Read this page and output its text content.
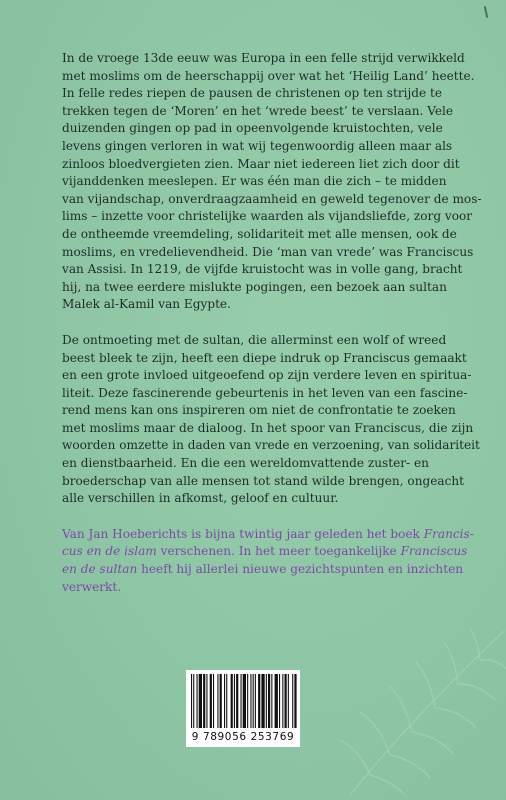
In de vroege 13de eeuw was Europa in een felle strijd verwikkeld
met moslims om de heerschappij over wat het ‘Heilig Land’ heette.
In felle redes riepen de pausen de christenen op ten strijde te
trekken tegen de ‘Moren’ en het ‘wrede beest’ te verslaan. Vele
duizenden gingen op pad in opeenvolgende kruistochten, vele
levens gingen verloren in wat wij tegenwoordig alleen maar als
zinloos bloedvergieten zien. Maar niet iedereen liet zich door dit
vijanddenken meeslepen. Er was één man die zich – te midden
van vijandschap, onverdraagzaamheid en geweld tegenover de mos-
lims – inzette voor christelijke waarden als vijandsliefde, zorg voor
de ontheemde vreemdeling, solidariteit met alle mensen, ook de
moslims, en vredelievendheid. Die ‘man van vrede’ was Franciscus
van Assisi. In 1219, de vijfde kruistocht was in volle gang, bracht
hij, na twee eerdere mislukte pogingen, een bezoek aan sultan
Malek al-Kamil van Egypte.

De ontmoeting met de sultan, die allerminst een wolf of wreed
beest bleek te zijn, heeft een diepe indruk op Franciscus gemaakt
en een grote invloed uitgeoefend op zijn verdere leven en spiritua-
liteit. Deze fascinerende gebeurtenis in het leven van een fascine-
rend mens kan ons inspireren om niet de confrontatie te zoeken
met moslims maar de dialoog. In het spoor van Franciscus, die zijn
woorden omzette in daden van vrede en verzoening, van solidariteit
en dienstbaarheid. En die een wereldomvattende zuster- en
broederschap van alle mensen tot stand wilde brengen, ongeacht
alle verschillen in afkomst, geloof en cultuur.

Van Jan Hoeberichts is bijna twintig jaar geleden het boek Francis-
cus en de islam verschenen. In het meer toegankelijke Franciscus
en de sultan heeft hij allerlei nieuwe gezichtspunten en inzichten
verwerkt.

9 789056 253769
